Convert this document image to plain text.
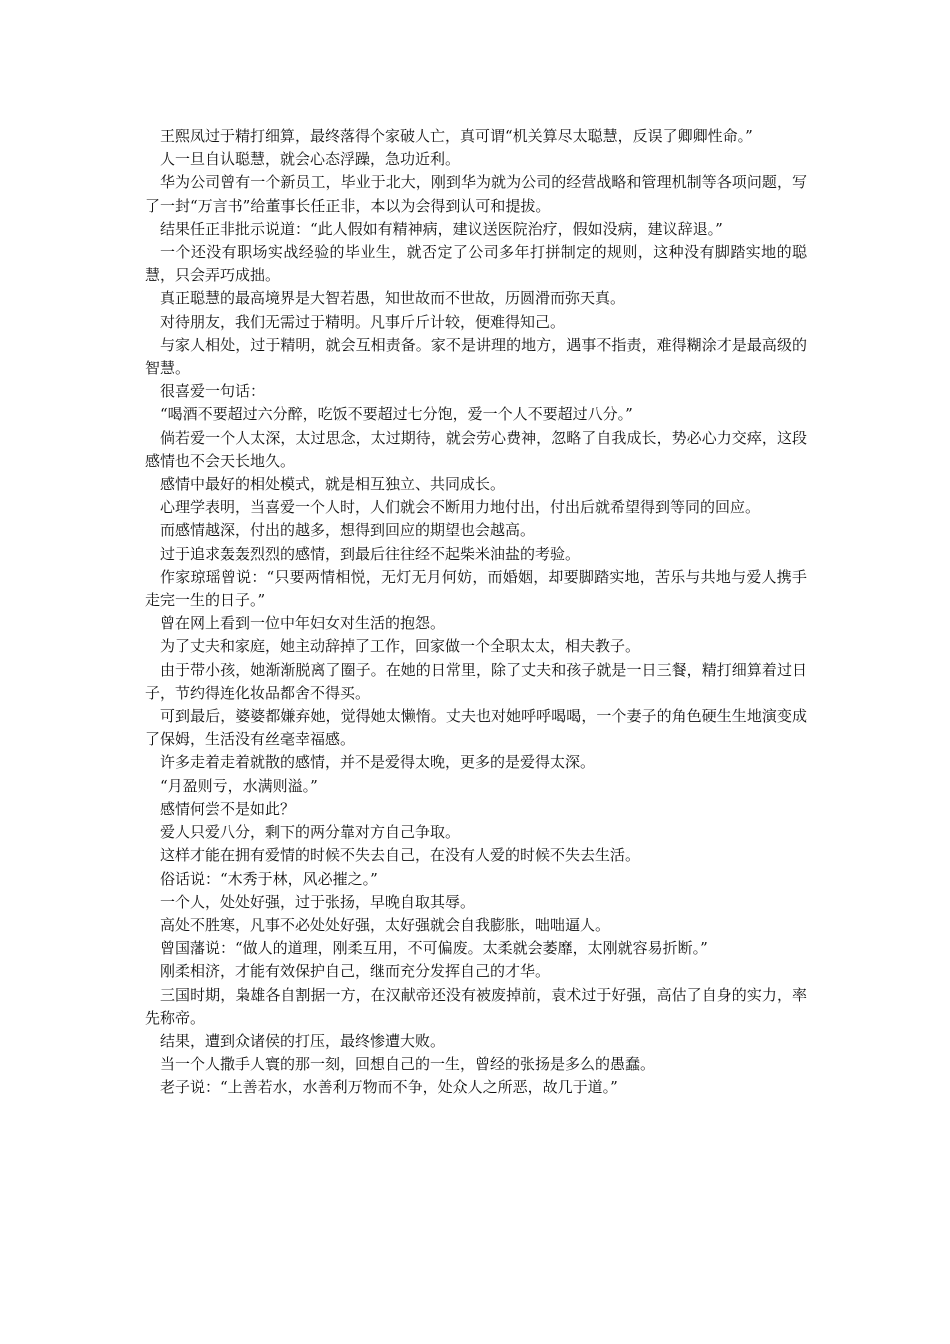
王熙凤过于精打细算，最终落得个家破人亡，真可谓“机关算尽太聪慧，反误了卿卿性命。”

人一旦自认聪慧，就会心态浮躁，急功近利。

华为公司曾有一个新员工，毕业于北大，刚到华为就为公司的经营战略和管理机制等各项问题，写了一封“万言书”给董事长任正非，本以为会得到认可和提拔。

结果任正非批示说道：“此人假如有精神病，建议送医院治疗，假如没病，建议辞退。”

一个还没有职场实战经验的毕业生，就否定了公司多年打拼制定的规则，这种没有脚踏实地的聪慧，只会弄巧成拙。

真正聪慧的最高境界是大智若愚，知世故而不世故，历圆滑而弥天真。

对待朋友，我们无需过于精明。凡事斤斤计较，便难得知己。

与家人相处，过于精明，就会互相责备。家不是讲理的地方，遇事不指责，难得糊涂才是最高级的智慧。

很喜爱一句话：

“喝酒不要超过六分醉，吃饭不要超过七分饱，爱一个人不要超过八分。”

倘若爱一个人太深，太过思念，太过期待，就会劳心费神，忽略了自我成长，势必心力交瘁，这段感情也不会天长地久。

感情中最好的相处模式，就是相互独立、共同成长。

心理学表明，当喜爱一个人时，人们就会不断用力地付出，付出后就希望得到等同的回应。

而感情越深，付出的越多，想得到回应的期望也会越高。

过于追求轰轰烈烈的感情，到最后往往经不起柴米油盐的考验。

作家琼瑶曾说：“只要两情相悦，无灯无月何妨，而婚姻，却要脚踏实地，苦乐与共地与爱人携手走完一生的日子。”

曾在网上看到一位中年妇女对生活的抱怨。

为了丈夫和家庭，她主动辞掉了工作，回家做一个全职太太，相夫教子。

由于带小孩，她渐渐脱离了圈子。在她的日常里，除了丈夫和孩子就是一日三餐，精打细算着过日子，节约得连化妆品都舍不得买。

可到最后，婆婆都嫌弃她，觉得她太懒惰。丈夫也对她呼呼喝喝，一个妻子的角色硬生生地演变成了保姆，生活没有丝毫幸福感。

许多走着走着就散的感情，并不是爱得太晚，更多的是爱得太深。

“月盈则亏，水满则溢。”

感情何尝不是如此？

爱人只爱八分，剩下的两分靠对方自己争取。

这样才能在拥有爱情的时候不失去自己，在没有人爱的时候不失去生活。

俗话说：“木秀于林，风必摧之。”

一个人，处处好强，过于张扬，早晚自取其辱。

高处不胜寒，凡事不必处处好强，太好强就会自我膨胀，咄咄逼人。

曾国藩说：“做人的道理，刚柔互用，不可偏废。太柔就会萎靡，太刚就容易折断。”

刚柔相济，才能有效保护自己，继而充分发挥自己的才华。

三国时期，枭雄各自割据一方，在汉献帝还没有被废掉前，袁术过于好强，高估了自身的实力，率先称帝。

结果，遭到众诸侯的打压，最终惨遭大败。

当一个人撒手人寰的那一刻，回想自己的一生，曾经的张扬是多么的愚蠢。

老子说：“上善若水，水善利万物而不争，处众人之所恶，故几于道。”
